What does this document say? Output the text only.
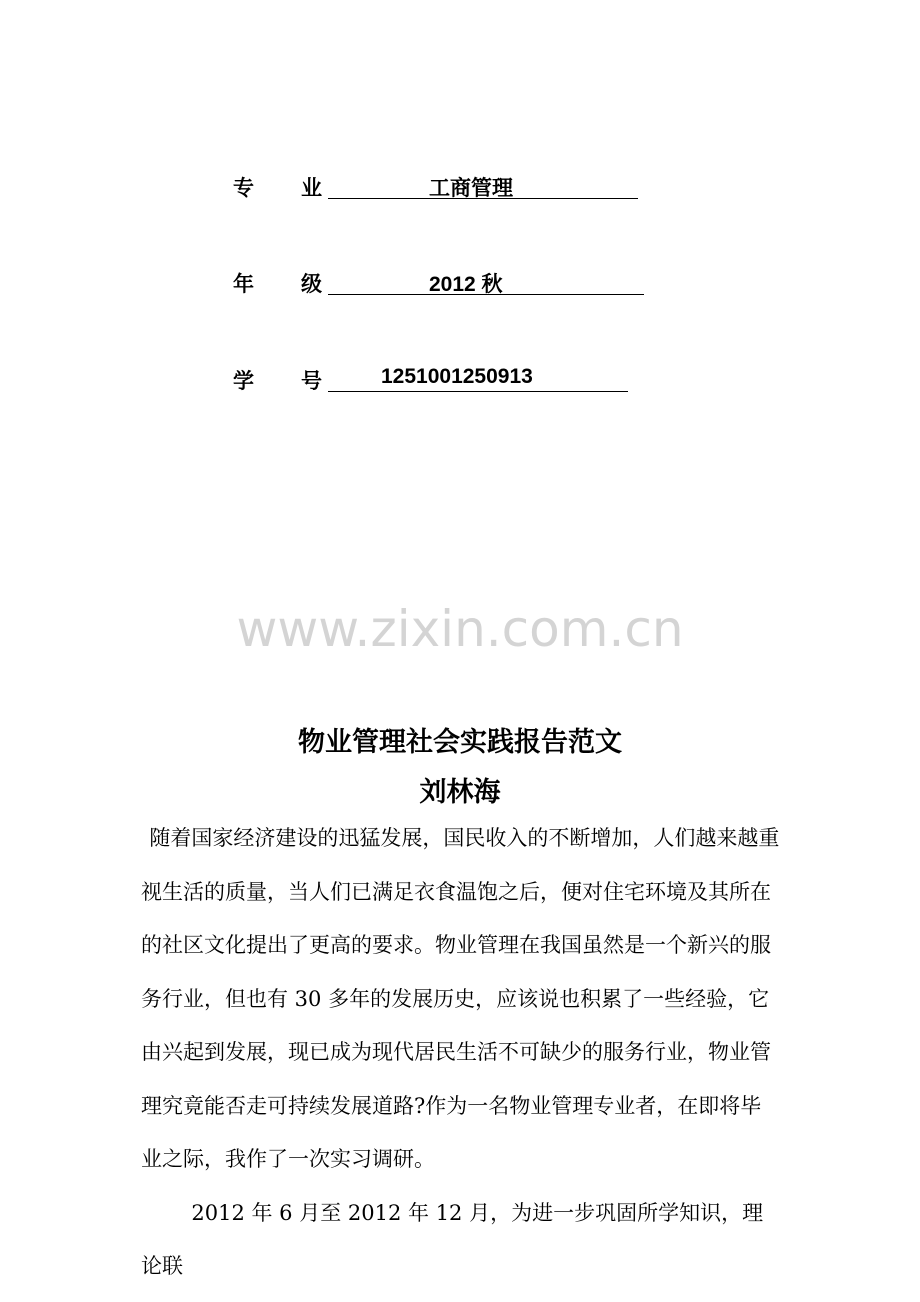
专 业	工商管理
年 级	2012 秋
学 号	1251001250913
www.zixin.com.cn
物业管理社会实践报告范文
刘林海

随着国家经济建设的迅猛发展，国民收入的不断增加，人们越来越重视生活的质量，当人们已满足衣食温饱之后，便对住宅环境及其所在的社区文化提出了更高的要求。物业管理在我国虽然是一个新兴的服务行业，但也有 30 多年的发展历史，应该说也积累了一些经验，它由兴起到发展，现已成为现代居民生活不可缺少的服务行业，物业管理究竟能否走可持续发展道路?作为一名物业管理专业者，在即将毕业之际，我作了一次实习调研。

2012 年 6 月至 2012 年 12 月，为进一步巩固所学知识，理论联
